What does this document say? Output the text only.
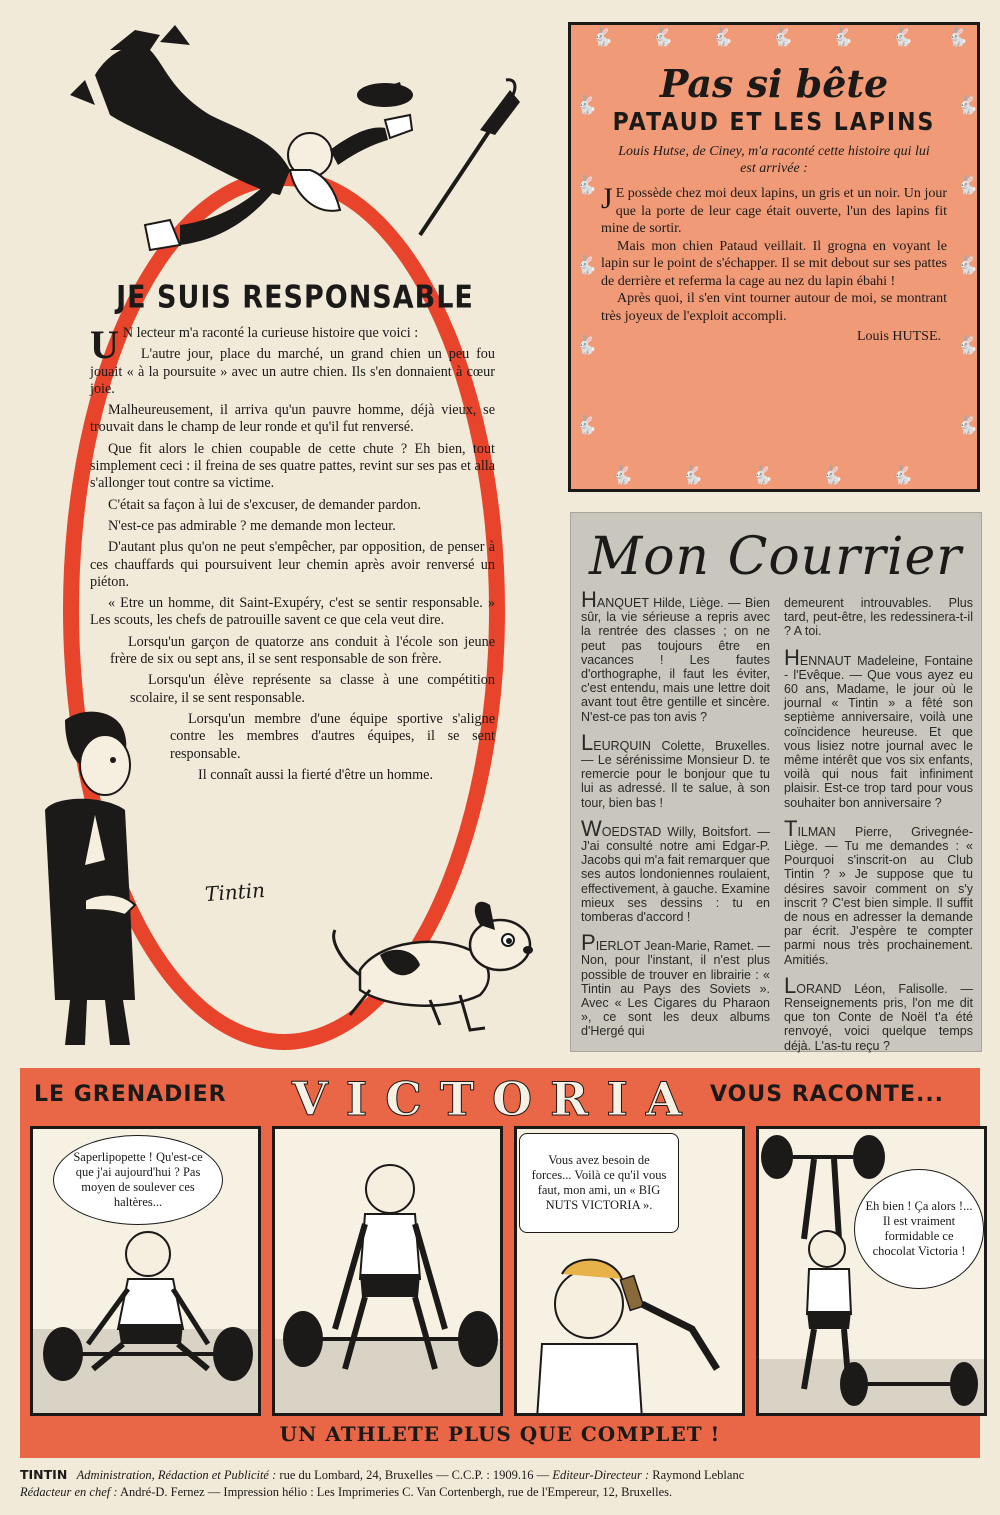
JE SUIS RESPONSABLE

U N lecteur m'a raconté la curieuse histoire que voici :

L'autre jour, place du marché, un grand chien un peu fou jouait « à la poursuite » avec un autre chien. Ils s'en donnaient à cœur joie.

Malheureusement, il arriva qu'un pauvre homme, déjà vieux, se trouvait dans le champ de leur ronde et qu'il fut renversé.

Que fit alors le chien coupable de cette chute ? Eh bien, tout simplement ceci : il freina de ses quatre pattes, revint sur ses pas et alla s'allonger tout contre sa victime.

C'était sa façon à lui de s'excuser, de demander pardon.

N'est-ce pas admirable ? me demande mon lecteur.

D'autant plus qu'on ne peut s'empêcher, par opposition, de penser à ces chauffards qui poursuivent leur chemin après avoir renversé un piéton.

« Etre un homme, dit Saint-Exupéry, c'est se sentir responsable. » Les scouts, les chefs de patrouille savent ce que cela veut dire.

Lorsqu'un garçon de quatorze ans conduit à l'école son jeune frère de six ou sept ans, il se sent responsable de son frère.

Lorsqu'un élève représente sa classe à une compétition scolaire, il se sent responsable.

Lorsqu'un membre d'une équipe sportive s'aligne contre les membres d'autres équipes, il se sent responsable.

Il connaît aussi la fierté d'être un homme.

Tintin
🐇 🐇 🐇 🐇 🐇 🐇 🐇
🐇
🐇
🐇
🐇
🐇
🐇
🐇
🐇
🐇
🐇
🐇	🐇	🐇	🐇	🐇
Pas si bête
PATAUD ET LES LAPINS
Louis Hutse, de Ciney, m'a raconté cette histoire qui lui est arrivée :

J E possède chez moi deux lapins, un gris et un noir. Un jour que la porte de leur cage était ouverte, l'un des lapins fit mine de sortir.

Mais mon chien Pataud veillait. Il grogna en voyant le lapin sur le point de s'échapper. Il se mit debout sur ses pattes de derrière et referma la cage au nez du lapin ébahi !

Après quoi, il s'en vint tourner autour de moi, se montrant très joyeux de l'exploit accompli.

Louis HUTSE.
Mon Courrier

HANQUET Hilde, Liège. — Bien sûr, la vie sérieuse a repris avec la rentrée des classes ; on ne peut pas toujours être en vacances ! Les fautes d'orthographe, il faut les éviter, c'est entendu, mais une lettre doit avant tout être gentille et sincère. N'est-ce pas ton avis ?

LEURQUIN Colette, Bruxelles. — Le sérénissime Monsieur D. te remercie pour le bonjour que tu lui as adressé. Il te salue, à son tour, bien bas !

WOEDSTAD Willy, Boitsfort. — J'ai consulté notre ami Edgar-P. Jacobs qui m'a fait remarquer que ses autos londoniennes roulaient, effectivement, à gauche. Examine mieux ses dessins : tu en tomberas d'accord !

PIERLOT Jean-Marie, Ramet. — Non, pour l'instant, il n'est plus possible de trouver en librairie : « Tintin au Pays des Soviets ». Avec « Les Cigares du Pharaon », ce sont les deux albums d'Hergé qui

demeurent introuvables. Plus tard, peut-être, les redessinera-t-il ? A toi.

HENNAUT Madeleine, Fontaine - l'Evêque. — Que vous ayez eu 60 ans, Madame, le jour où le journal « Tintin » a fêté son septième anniversaire, voilà une coïncidence heureuse. Et que vous lisiez notre journal avec le même intérêt que vos six enfants, voilà qui nous fait infiniment plaisir. Est-ce trop tard pour vous souhaiter bon anniversaire ?

TILMAN Pierre, Grivegnée-Liège. — Tu me demandes : « Pourquoi s'inscrit-on au Club Tintin ? » Je suppose que tu désires savoir comment on s'y inscrit ? C'est bien simple. Il suffit de nous en adresser la demande par écrit. J'espère te compter parmi nous très prochainement. Amitiés.

LORAND Léon, Falisolle. — Renseignements pris, l'on me dit que ton Conte de Noël t'a été renvoyé, voici quelque temps déjà. L'as-tu reçu ?

LE GRENADIER VICTORIA VOUS RACONTE...
Saperlipopette ! Qu'est-ce que j'ai aujourd'hui ? Pas moyen de soulever ces haltères...
Vous avez besoin de forces... Voilà ce qu'il vous faut, mon ami, un « BIG NUTS VICTORIA ».	Eh bien ! Ça alors !... Il est vraiment formidable ce chocolat Victoria !
UN ATHLETE PLUS QUE COMPLET !
TINTIN Administration, Rédaction et Publicité : rue du Lombard, 24, Bruxelles — C.C.P. : 1909.16 — Editeur-Directeur : Raymond Leblanc
Rédacteur en chef : André-D. Fernez — Impression hélio : Les Imprimeries C. Van Cortenbergh, rue de l'Empereur, 12, Bruxelles.
